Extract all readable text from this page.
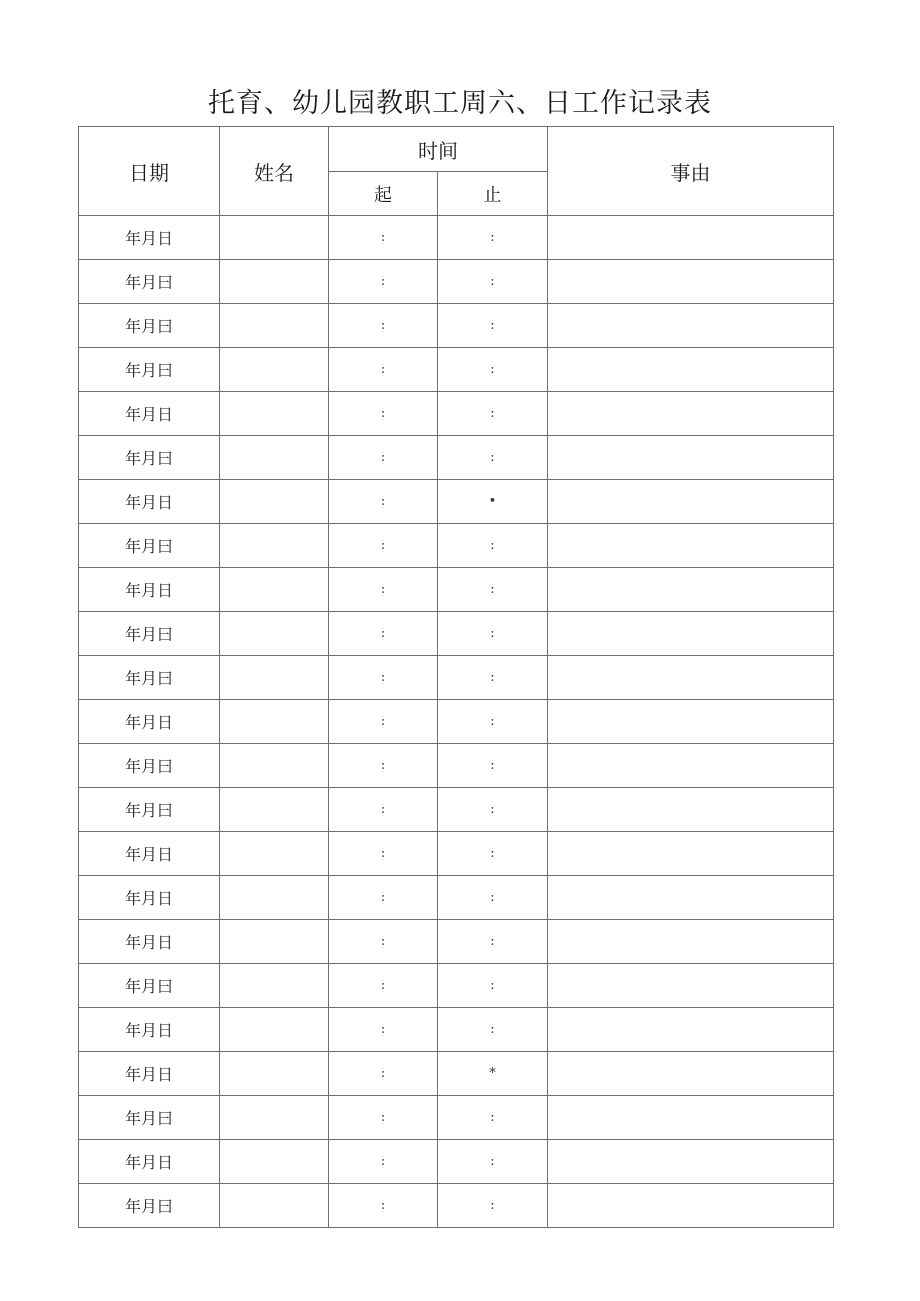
托育、幼儿园教职工周六、日工作记录表
日期	姓名	时间		事由
		起	止	
年月日		:	:	
年月曰		:	:	
年月曰		:	:	
年月曰		:	:	
年月日		:	:	
年月曰		:	:	
年月日		:	•	
年月曰		:	:	
年月日		:	:	
年月曰		:	:	
年月曰		:	:	
年月日		:	:	
年月曰		:	:	
年月曰		:	:	
年月日		:	:	
年月日		:	:	
年月日		:	:	
年月曰		:	:	
年月日		:	:	
年月日		:	*	
年月曰		:	:	
年月日		:	:	
年月曰		:	:	
